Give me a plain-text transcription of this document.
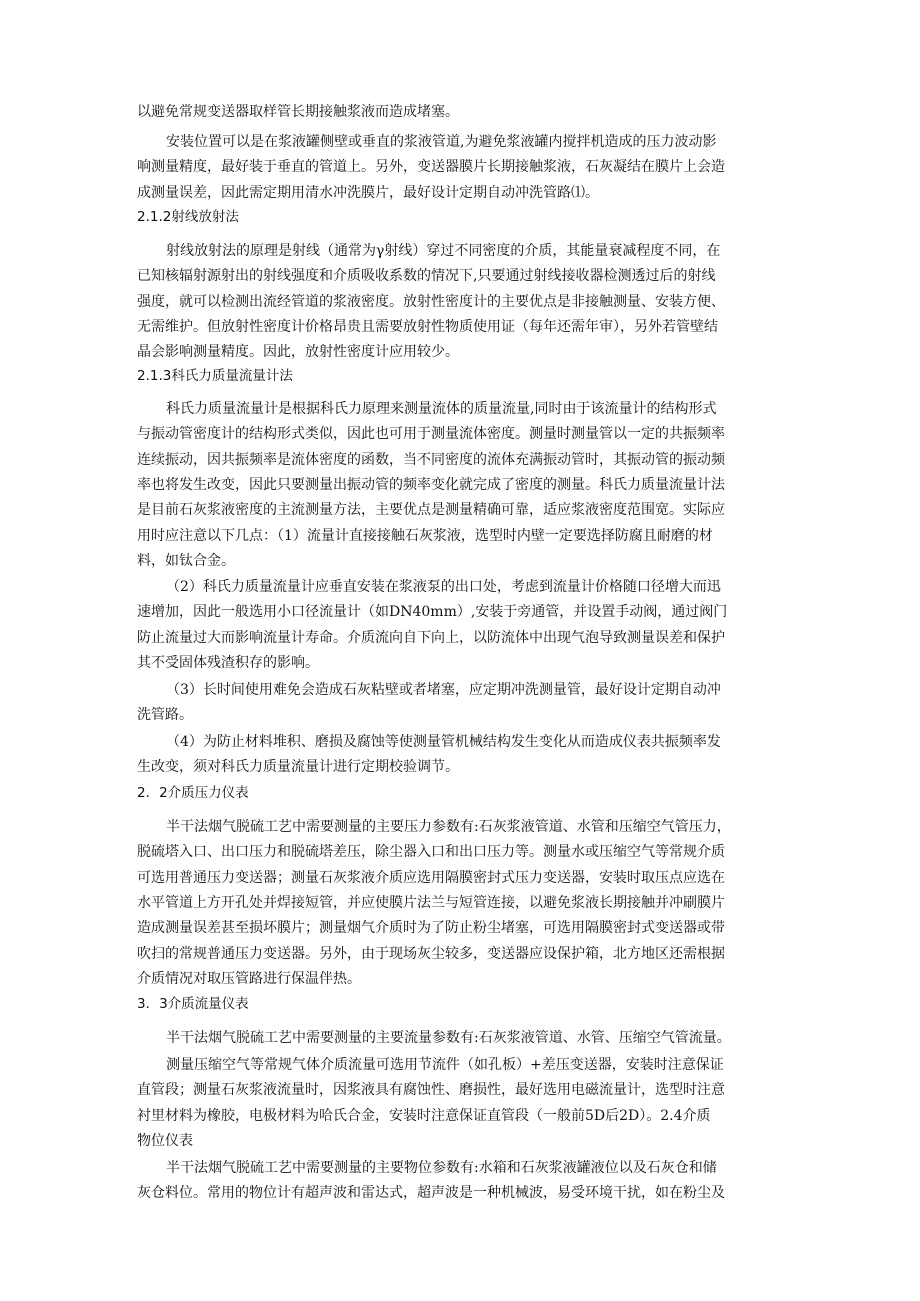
以避免常规变送器取样管长期接触浆液而造成堵塞。
安装位置可以是在浆液罐侧壁或垂直的浆液管道,为避免浆液罐内搅拌机造成的压力波动影
响测量精度，最好装于垂直的管道上。另外，变送器膜片长期接触浆液，石灰凝结在膜片上会造
成测量误差，因此需定期用清水冲洗膜片，最好设计定期自动冲洗管路⑴。
2.1.2射线放射法
射线放射法的原理是射线（通常为γ射线）穿过不同密度的介质，其能量衰减程度不同，在
已知核辐射源射出的射线强度和介质吸收系数的情况下,只要通过射线接收器检测透过后的射线
强度，就可以检测出流经管道的浆液密度。放射性密度计的主要优点是非接触测量、安装方便、
无需维护。但放射性密度计价格昂贵且需要放射性物质使用证（每年还需年审），另外若管壁结
晶会影响测量精度。因此，放射性密度计应用较少。
2.1.3科氏力质量流量计法
科氏力质量流量计是根据科氏力原理来测量流体的质量流量,同时由于该流量计的结构形式
与振动管密度计的结构形式类似，因此也可用于测量流体密度。测量时测量管以一定的共振频率
连续振动，因共振频率是流体密度的函数，当不同密度的流体充满振动管时，其振动管的振动频
率也将发生改变，因此只要测量出振动管的频率变化就完成了密度的测量。科氏力质量流量计法
是目前石灰浆液密度的主流测量方法，主要优点是测量精确可靠，适应浆液密度范围宽。实际应
用时应注意以下几点：（1）流量计直接接触石灰浆液，选型时内壁一定要选择防腐且耐磨的材
料，如钛合金。
（2）科氏力质量流量计应垂直安装在浆液泵的出口处，考虑到流量计价格随口径增大而迅
速增加，因此一般选用小口径流量计（如DN40mm）,安装于旁通管，并设置手动阀，通过阀门
防止流量过大而影响流量计寿命。介质流向自下向上，以防流体中出现气泡导致测量误差和保护
其不受固体残渣积存的影响。
（3）长时间使用难免会造成石灰粘壁或者堵塞，应定期冲洗测量管，最好设计定期自动冲
洗管路。
（4）为防止材料堆积、磨损及腐蚀等使测量管机械结构发生变化从而造成仪表共振频率发
生改变，须对科氏力质量流量计进行定期校验调节。
2．2介质压力仪表
半干法烟气脱硫工艺中需要测量的主要压力参数有:石灰浆液管道、水管和压缩空气管压力，
脱硫塔入口、出口压力和脱硫塔差压，除尘器入口和出口压力等。测量水或压缩空气等常规介质
可选用普通压力变送器；测量石灰浆液介质应选用隔膜密封式压力变送器，安装时取压点应选在
水平管道上方开孔处并焊接短管，并应使膜片法兰与短管连接，以避免浆液长期接触并冲刷膜片
造成测量误差甚至损坏膜片；测量烟气介质时为了防止粉尘堵塞，可选用隔膜密封式变送器或带
吹扫的常规普通压力变送器。另外，由于现场灰尘较多，变送器应设保护箱，北方地区还需根据
介质情况对取压管路进行保温伴热。
3．3介质流量仪表
半干法烟气脱硫工艺中需要测量的主要流量参数有:石灰浆液管道、水管、压缩空气管流量。
测量压缩空气等常规气体介质流量可选用节流件（如孔板）+差压变送器，安装时注意保证
直管段；测量石灰浆液流量时，因浆液具有腐蚀性、磨损性，最好选用电磁流量计，选型时注意
衬里材料为橡胶，电极材料为哈氏合金，安装时注意保证直管段（一般前5D后2D）。2.4介质
物位仪表
半干法烟气脱硫工艺中需要测量的主要物位参数有:水箱和石灰浆液罐液位以及石灰仓和储
灰仓料位。常用的物位计有超声波和雷达式，超声波是一种机械波，易受环境干扰，如在粉尘及
